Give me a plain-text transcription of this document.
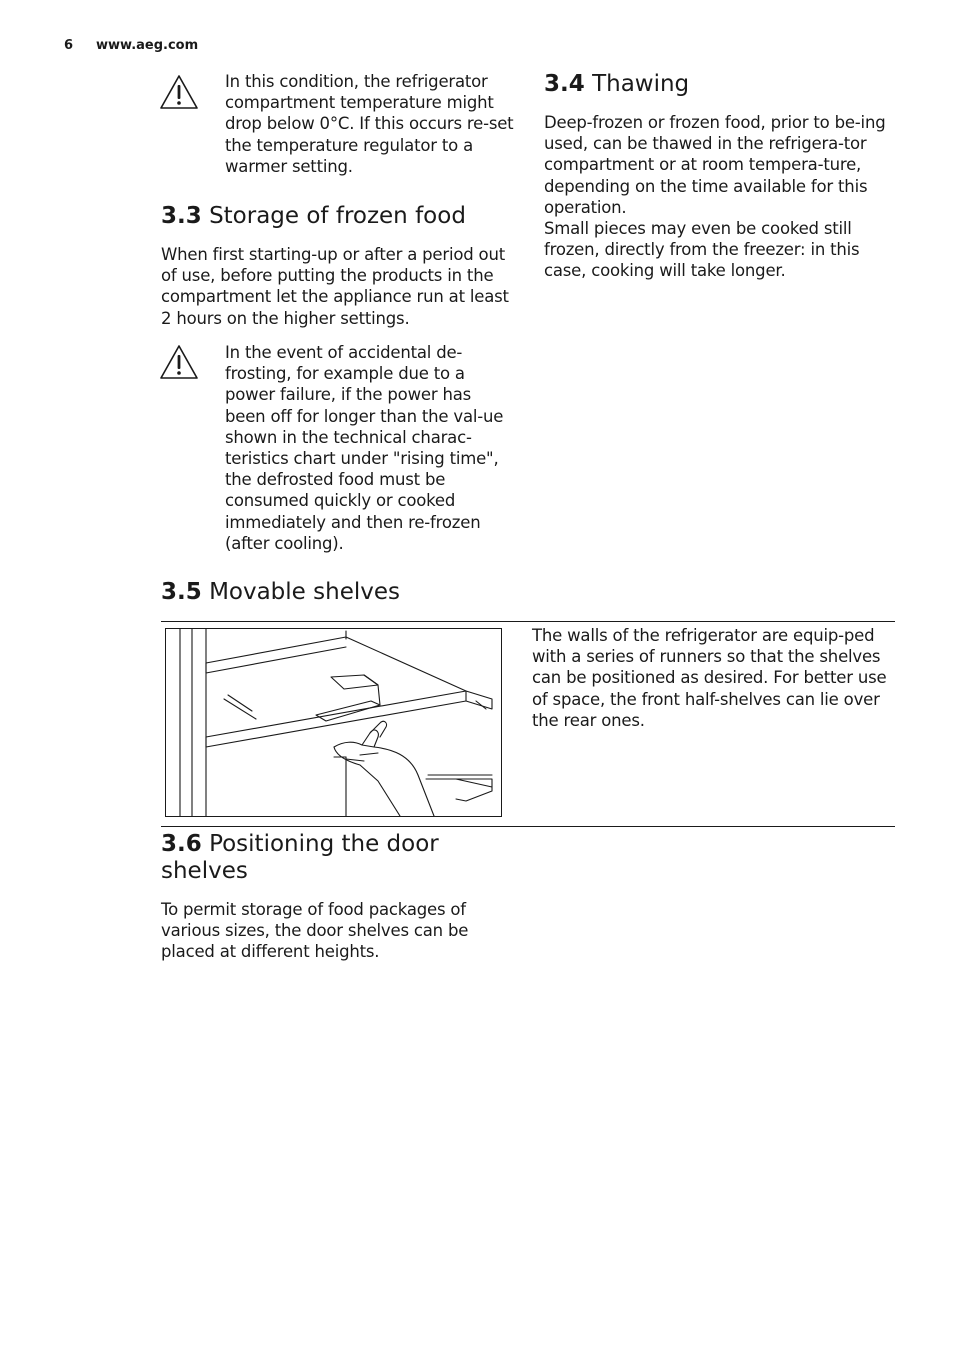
6 www.aeg.com
In this condition, the refrigerator compartment temperature might drop below 0°C. If this occurs re-set the temperature regulator to a warmer setting.
3.3 Storage of frozen food
When first starting-up or after a period out of use, before putting the products in the compartment let the appliance run at least 2 hours on the higher settings.
In the event of accidental de-frosting, for example due to a power failure, if the power has been off for longer than the val-ue shown in the technical charac-teristics chart under "rising time", the defrosted food must be consumed quickly or cooked immediately and then re-frozen (after cooling).
3.4 Thawing
Deep-frozen or frozen food, prior to be-ing used, can be thawed in the refrigera-tor compartment or at room tempera-ture, depending on the time available for this operation.
Small pieces may even be cooked still frozen, directly from the freezer: in this case, cooking will take longer.
3.5 Movable shelves
The walls of the refrigerator are equip-ped with a series of runners so that the shelves can be positioned as desired. For better use of space, the front half-shelves can lie over the rear ones.
3.6 Positioning the door
shelves
To permit storage of food packages of various sizes, the door shelves can be placed at different heights.
